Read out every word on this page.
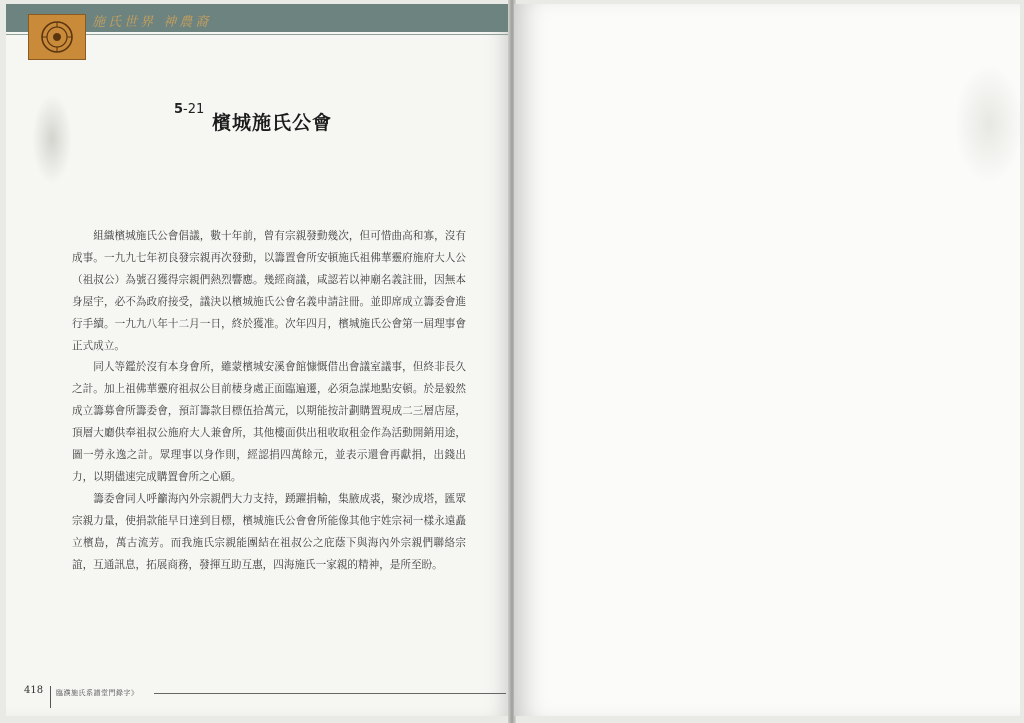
施氏世界 神農裔
5-21
檳城施氏公會

組織檳城施氏公會倡議，數十年前，曾有宗親發動幾次，但可惜曲高和寡，沒有成事。一九九七年初良發宗親再次發動，以籌置會所安頓施氏祖佛華靈府施府大人公（祖叔公）為號召獲得宗親們熱烈響應。幾經商議，咸認若以神廟名義註冊，因無本身屋宇，必不為政府接受，議決以檳城施氏公會名義申請註冊。並即席成立籌委會進行手續。一九九八年十二月一日，終於獲准。次年四月，檳城施氏公會第一屆理事會正式成立。

同人等鑑於沒有本身會所，雖蒙檳城安溪會館慷慨借出會議室議事，但終非長久之計。加上祖佛華靈府祖叔公目前棲身處正面臨遍遷，必須急謀地點安頓。於是毅然成立籌募會所籌委會，預訂籌款目標伍拾萬元，以期能按計劃購置現成二三層店屋，頂層大廳供奉祖叔公施府大人兼會所，其他樓面供出租收取租金作為活動開銷用途，圖一勞永逸之計。眾理事以身作則，經認捐四萬餘元，並表示還會再獻捐，出錢出力，以期儘速完成購置會所之心願。

籌委會同人呼籲海內外宗親們大力支持，踴躍捐輸，集腋成裘，聚沙成塔，匯眾宗親力量，使捐款能早日達到目標，檳城施氏公會會所能像其他宇姓宗祠一樣永遠矗立檳島，萬古流芳。而我施氏宗親能團結在祖叔公之庇蔭下與海內外宗親們聯絡宗誼，互通訊息，拓展商務，發揮互助互惠，四海施氏一家親的精神，是所至盼。

418 臨濮施氏系譜堂門錄字》
